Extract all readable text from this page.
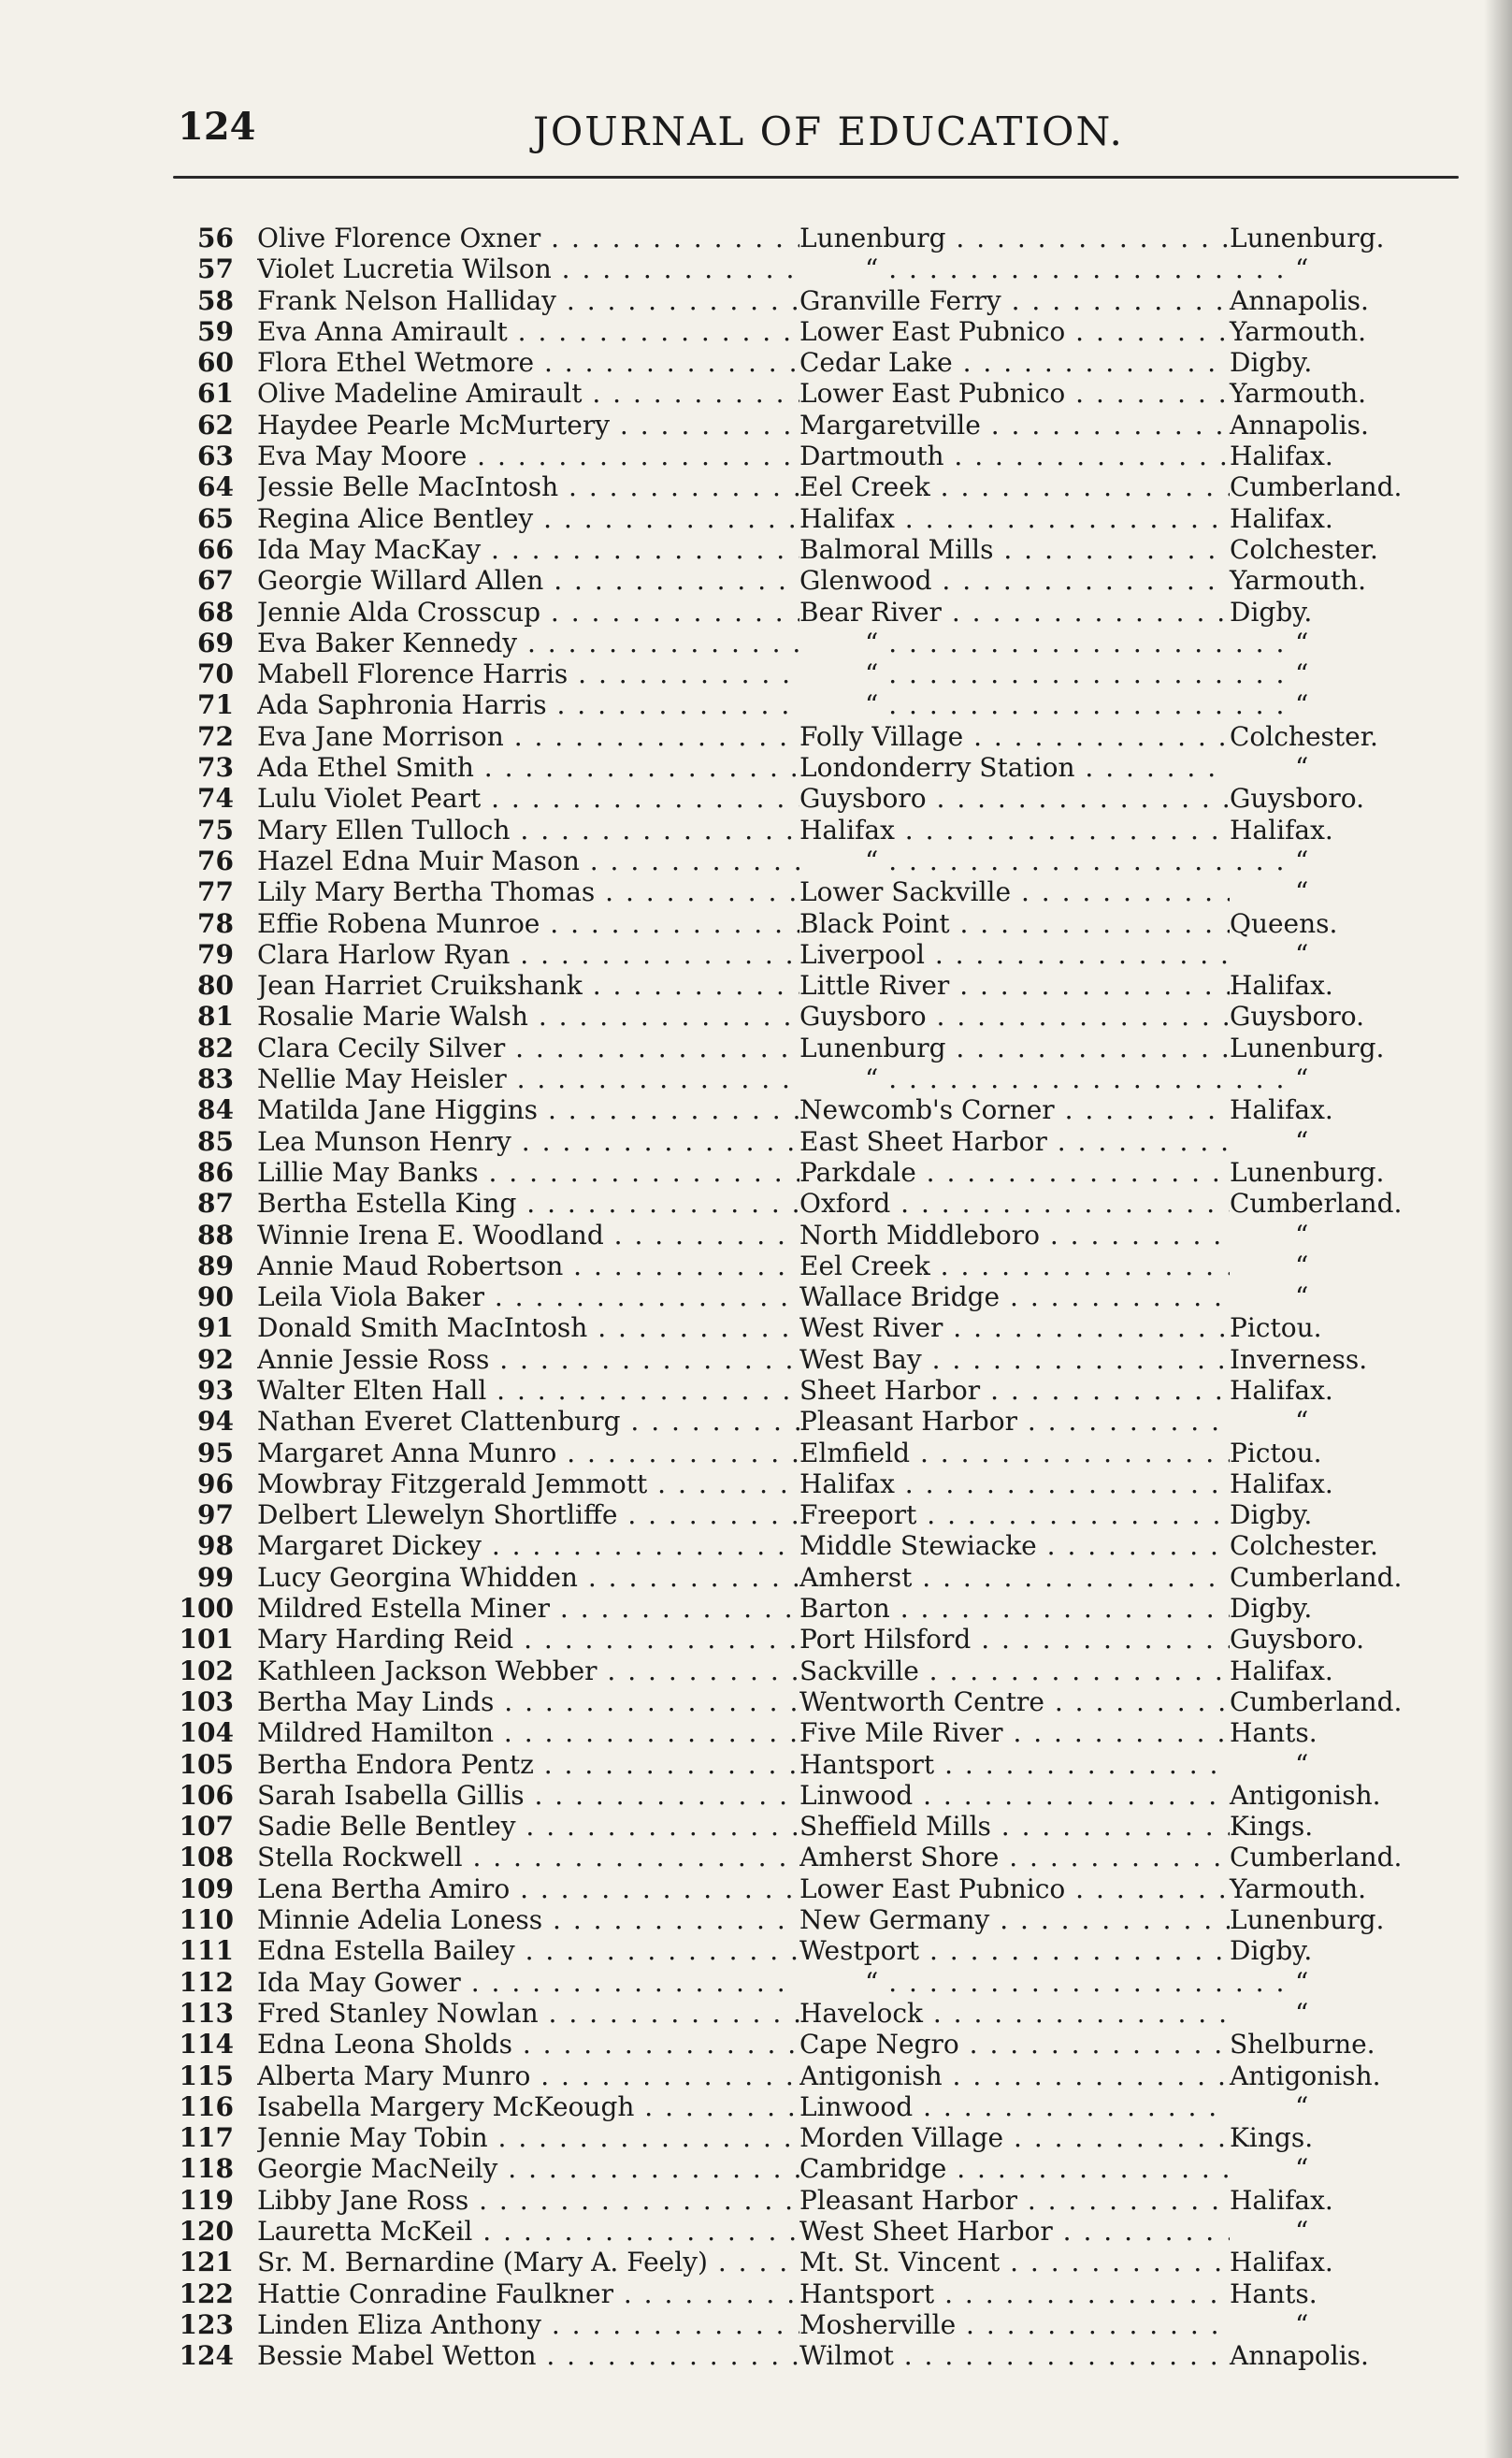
124	JOURNAL OF EDUCATION.
56 Olive Florence Oxner . . .	Lunenburg . . .	Lunenburg.
57 Violet Lucretia Wilson . . .	“ . . .	“
58 Frank Nelson Halliday . . .	Granville Ferry . . .	Annapolis.
59 Eva Anna Amirault . . .	Lower East Pubnico . . .	Yarmouth.
60 Flora Ethel Wetmore . . .	Cedar Lake . . .	Digby.
61 Olive Madeline Amirault . . .	Lower East Pubnico . . .	Yarmouth.
62 Haydee Pearle McMurtery . . .	Margaretville . . .	Annapolis.
63 Eva May Moore . . .	Dartmouth . . .	Halifax.
64 Jessie Belle MacIntosh . . .	Eel Creek . . .	Cumberland.
65 Regina Alice Bentley . . .	Halifax . . .	Halifax.
66 Ida May MacKay . . .	Balmoral Mills . . .	Colchester.
67 Georgie Willard Allen . . .	Glenwood . . .	Yarmouth.
68 Jennie Alda Crosscup . . .	Bear River . . .	Digby.
69 Eva Baker Kennedy . . .	“ . . .	“
70 Mabell Florence Harris . . .	“ . . .	“
71 Ada Saphronia Harris . . .	“ . . .	“
72 Eva Jane Morrison . . .	Folly Village . . .	Colchester.
73 Ada Ethel Smith . . .	Londonderry Station . . .	“
74 Lulu Violet Peart . . .	Guysboro . . .	Guysboro.
75 Mary Ellen Tulloch . . .	Halifax . . .	Halifax.
76 Hazel Edna Muir Mason . . .	“ . . .	“
77 Lily Mary Bertha Thomas . . .	Lower Sackville . . .	“
78 Effie Robena Munroe . . .	Black Point . . .	Queens.
79 Clara Harlow Ryan . . .	Liverpool . . .	“
80 Jean Harriet Cruikshank . . .	Little River . . .	Halifax.
81 Rosalie Marie Walsh . . .	Guysboro . . .	Guysboro.
82 Clara Cecily Silver . . .	Lunenburg . . .	Lunenburg.
83 Nellie May Heisler . . .	“ . . .	“
84 Matilda Jane Higgins . . .	Newcomb's Corner . . .	Halifax.
85 Lea Munson Henry . . .	East Sheet Harbor . . .	“
86 Lillie May Banks . . .	Parkdale . . .	Lunenburg.
87 Bertha Estella King . . .	Oxford . . .	Cumberland.
88 Winnie Irena E. Woodland . . .	North Middleboro . . .	“
89 Annie Maud Robertson . . .	Eel Creek . . .	“
90 Leila Viola Baker . . .	Wallace Bridge . . .	“
91 Donald Smith MacIntosh . . .	West River . . .	Pictou.
92 Annie Jessie Ross . . .	West Bay . . .	Inverness.
93 Walter Elten Hall . . .	Sheet Harbor . . .	Halifax.
94 Nathan Everet Clattenburg . . .	Pleasant Harbor . . .	“
95 Margaret Anna Munro . . .	Elmfield . . .	Pictou.
96 Mowbray Fitzgerald Jemmott . . .	Halifax . . .	Halifax.
97 Delbert Llewelyn Shortliffe . . .	Freeport . . .	Digby.
98 Margaret Dickey . . .	Middle Stewiacke . . .	Colchester.
99 Lucy Georgina Whidden . . .	Amherst . . .	Cumberland.
100 Mildred Estella Miner . . .	Barton . . .	Digby.
101 Mary Harding Reid . . .	Port Hilsford . . .	Guysboro.
102 Kathleen Jackson Webber . . .	Sackville . . .	Halifax.
103 Bertha May Linds . . .	Wentworth Centre . . .	Cumberland.
104 Mildred Hamilton . . .	Five Mile River . . .	Hants.
105 Bertha Endora Pentz . . .	Hantsport . . .	“
106 Sarah Isabella Gillis . . .	Linwood . . .	Antigonish.
107 Sadie Belle Bentley . . .	Sheffield Mills . . .	Kings.
108 Stella Rockwell . . .	Amherst Shore . . .	Cumberland.
109 Lena Bertha Amiro . . .	Lower East Pubnico . . .	Yarmouth.
110 Minnie Adelia Loness . . .	New Germany . . .	Lunenburg.
111 Edna Estella Bailey . . .	Westport . . .	Digby.
112 Ida May Gower . . .	“ . . .	“
113 Fred Stanley Nowlan . . .	Havelock . . .	“
114 Edna Leona Sholds . . .	Cape Negro . . .	Shelburne.
115 Alberta Mary Munro . . .	Antigonish . . .	Antigonish.
116 Isabella Margery McKeough . . .	Linwood . . .	“
117 Jennie May Tobin . . .	Morden Village . . .	Kings.
118 Georgie MacNeily . . .	Cambridge . . .	“
119 Libby Jane Ross . . .	Pleasant Harbor . . .	Halifax.
120 Lauretta McKeil . . .	West Sheet Harbor . . .	“
121 Sr. M. Bernardine (Mary A. Feely) . . .	Mt. St. Vincent . . .	Halifax.
122 Hattie Conradine Faulkner . . .	Hantsport . . .	Hants.
123 Linden Eliza Anthony . . .	Mosherville . . .	“
124 Bessie Mabel Wetton . . .	Wilmot . . .	Annapolis.
